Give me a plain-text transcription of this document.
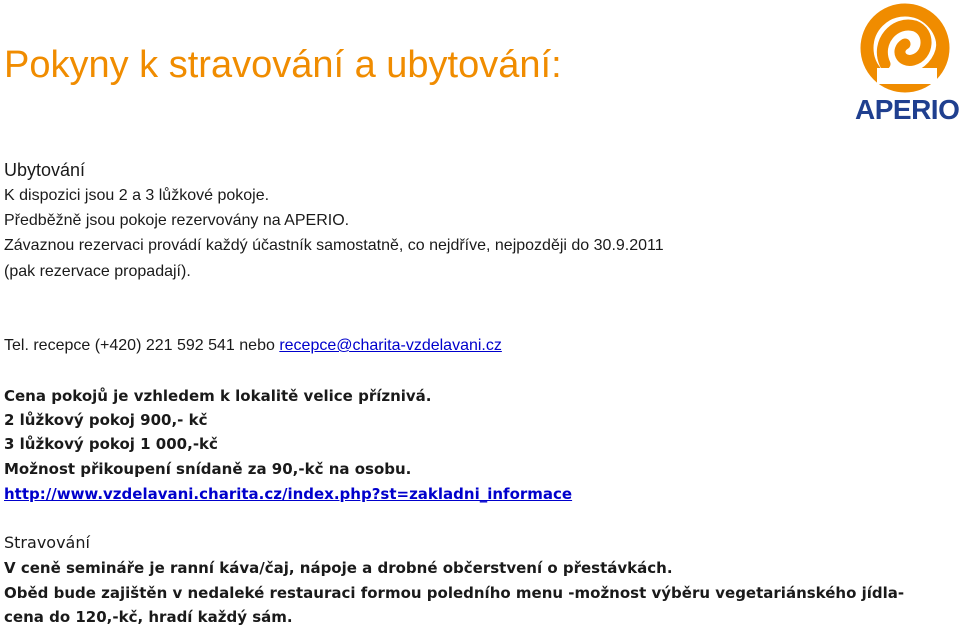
Pokyny k stravování a ubytování:
APERIO
Ubytování
K dispozici jsou 2 a 3 lůžkové pokoje.
Předběžně jsou pokoje rezervovány na APERIO.
Závaznou rezervaci provádí každý účastník samostatně, co nejdříve, nejpozději do 30.9.2011
(pak rezervace propadají).
Tel. recepce (+420) 221 592 541 nebo recepce@charita-vzdelavani.cz
Cena pokojů je vzhledem k lokalitě velice příznivá.
2 lůžkový pokoj 900,- kč
3 lůžkový pokoj 1 000,-kč
Možnost přikoupení snídaně za 90,-kč na osobu.
http://www.vzdelavani.charita.cz/index.php?st=zakladni_informace
Stravování
V ceně semináře je ranní káva/čaj, nápoje a drobné občerstvení o přestávkách.
Oběd bude zajištěn v nedaleké restauraci formou poledního menu -možnost výběru vegetariánského jídla-
cena do 120,-kč, hradí každý sám.
